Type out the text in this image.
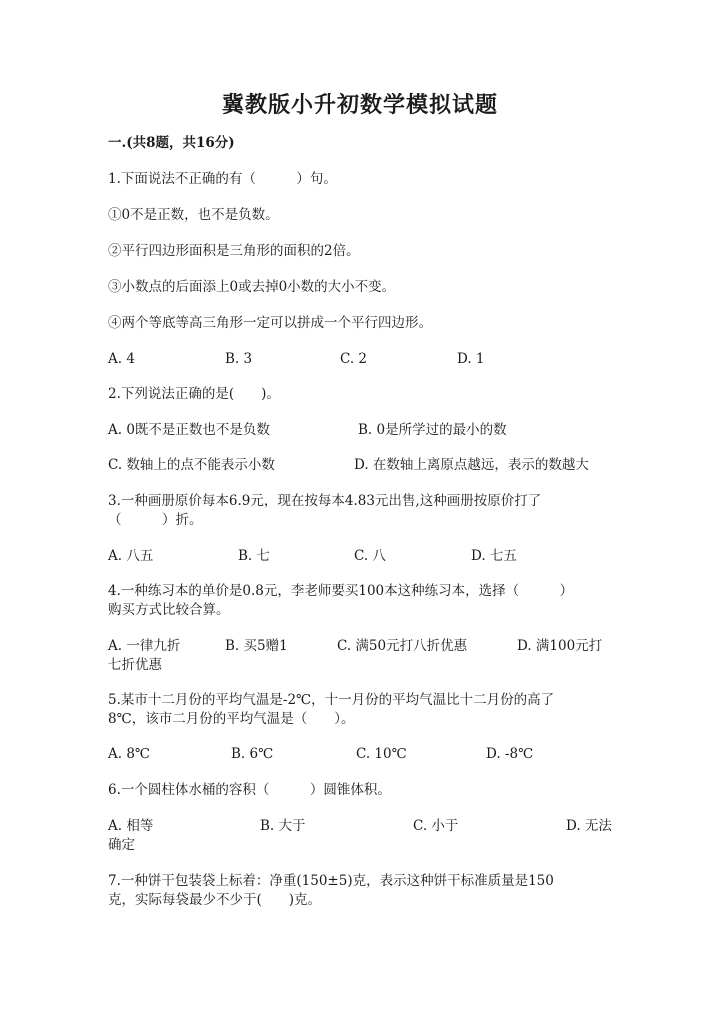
冀教版小升初数学模拟试题
一.(共8题，共16分)
1.下面说法不正确的有（　　　）句。
①0不是正数，也不是负数。
②平行四边形面积是三角形的面积的2倍。
③小数点的后面添上0或去掉0小数的大小不变。
④两个等底等高三角形一定可以拼成一个平行四边形。
A. 4	B. 3	C. 2	D. 1
2.下列说法正确的是(　　)。
A. 0既不是正数也不是负数	B. 0是所学过的最小的数
C. 数轴上的点不能表示小数	D. 在数轴上离原点越远，表示的数越大
3.一种画册原价每本6.9元，现在按每本4.83元出售,这种画册按原价打了
（　　　）折。
A. 八五	B. 七	C. 八	D. 七五
4.一种练习本的单价是0.8元，李老师要买100本这种练习本，选择（　　　）
购买方式比较合算。
A. 一律九折	B. 买5赠1	C. 满50元打八折优惠	D. 满100元打
七折优惠
5.某市十二月份的平均气温是-2℃，十一月份的平均气温比十二月份的高了
8℃，该市二月份的平均气温是（　　）。
A. 8℃	B. 6℃	C. 10℃	D. -8℃
6.一个圆柱体水桶的容积（　　　）圆锥体积。
A. 相等	B. 大于	C. 小于	D. 无法
确定
7.一种饼干包装袋上标着：净重(150±5)克，表示这种饼干标准质量是150
克，实际每袋最少不少于(　　)克。
